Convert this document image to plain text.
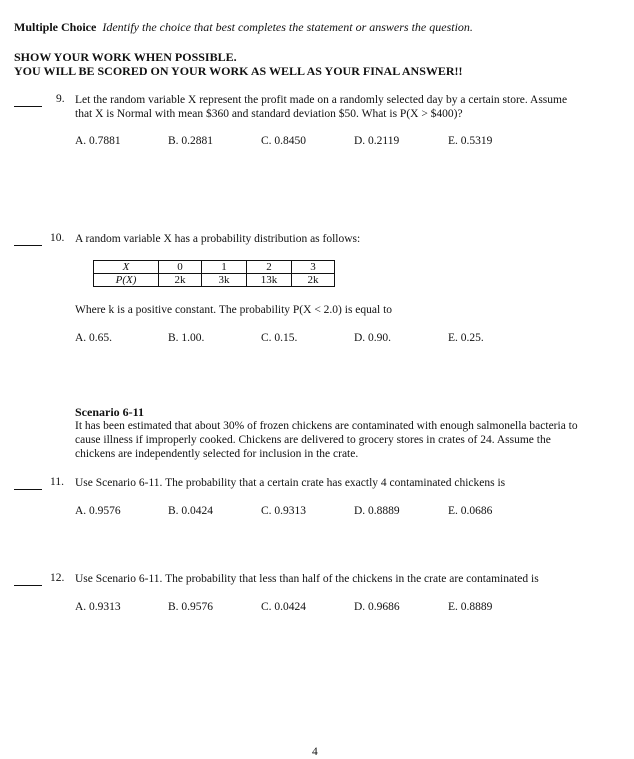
Multiple Choice Identify the choice that best completes the statement or answers the question.
SHOW YOUR WORK WHEN POSSIBLE.
YOU WILL BE SCORED ON YOUR WORK AS WELL AS YOUR FINAL ANSWER!!
9. Let the random variable X represent the profit made on a randomly selected day by a certain store. Assume
that X is Normal with mean $360 and standard deviation $50. What is P(X > $400)?
A. 0.7881	B. 0.2881	C. 0.8450	D. 0.2119	E. 0.5319
10. A random variable X has a probability distribution as follows:
X	0	1	2	3
P(X)	2k	3k	13k	2k
Where k is a positive constant. The probability P(X < 2.0) is equal to
A. 0.65.	B. 1.00.	C. 0.15.	D. 0.90.	E. 0.25.
Scenario 6-11
It has been estimated that about 30% of frozen chickens are contaminated with enough salmonella bacteria to
cause illness if improperly cooked. Chickens are delivered to grocery stores in crates of 24. Assume the
chickens are independently selected for inclusion in the crate.
11. Use Scenario 6-11. The probability that a certain crate has exactly 4 contaminated chickens is
A. 0.9576	B. 0.0424	C. 0.9313	D. 0.8889	E. 0.0686
12. Use Scenario 6-11. The probability that less than half of the chickens in the crate are contaminated is
A. 0.9313	B. 0.9576	C. 0.0424	D. 0.9686	E. 0.8889
4
